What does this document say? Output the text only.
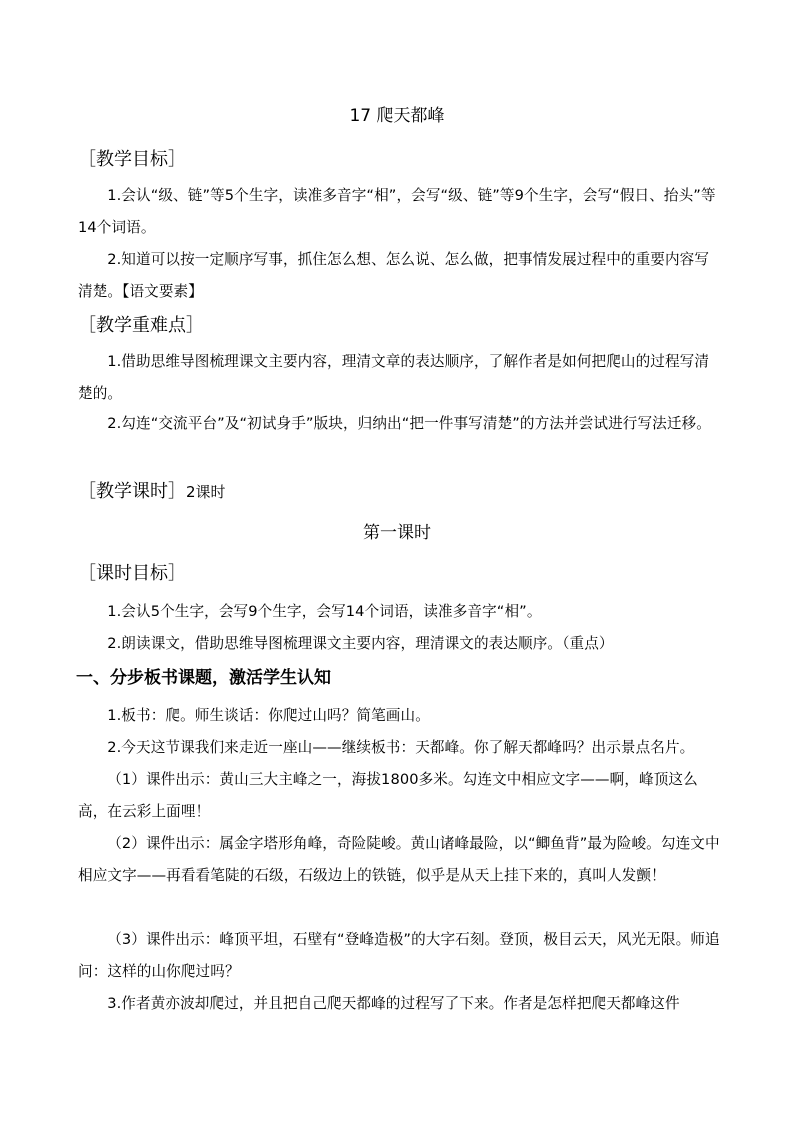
17 爬天都峰
［教学目标］

1.会认“级、链”等5个生字，读准多音字“相”，会写“级、链”等9个生字，会写“假日、抬头”等14个词语。

2.知道可以按一定顺序写事，抓住怎么想、怎么说、怎么做，把事情发展过程中的重要内容写清楚。【语文要素】

［教学重难点］

1.借助思维导图梳理课文主要内容，理清文章的表达顺序，了解作者是如何把爬山的过程写清楚的。

2.勾连“交流平台”及“初试身手”版块，归纳出“把一件事写清楚”的方法并尝试进行写法迁移。

［教学课时］2课时
第一课时
［课时目标］

1.会认5个生字，会写9个生字，会写14个词语，读准多音字“相”。

2.朗读课文，借助思维导图梳理课文主要内容，理清课文的表达顺序。（重点）

一、分步板书课题，激活学生认知

1.板书：爬。师生谈话：你爬过山吗？简笔画山。

2.今天这节课我们来走近一座山——继续板书：天都峰。你了解天都峰吗？出示景点名片。

（1）课件出示：黄山三大主峰之一，海拔1800多米。勾连文中相应文字——啊，峰顶这么高，在云彩上面哩！

（2）课件出示：属金字塔形角峰，奇险陡峻。黄山诸峰最险，以“鲫鱼背”最为险峻。勾连文中相应文字——再看看笔陡的石级，石级边上的铁链，似乎是从天上挂下来的，真叫人发颤！

（3）课件出示：峰顶平坦，石壁有“登峰造极”的大字石刻。登顶，极目云天，风光无限。师追问：这样的山你爬过吗？

3.作者黄亦波却爬过，并且把自己爬天都峰的过程写了下来。作者是怎样把爬天都峰这件
